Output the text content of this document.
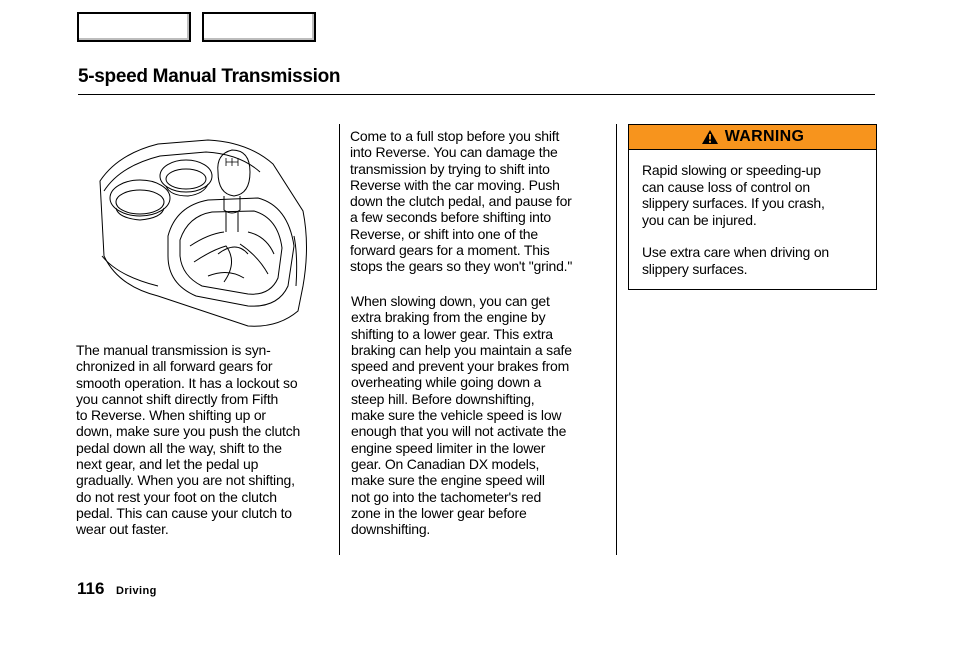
5-speed Manual Transmission
The manual transmission is syn-
chronized in all forward gears for
smooth operation. It has a lockout so
you cannot shift directly from Fifth
to Reverse. When shifting up or
down, make sure you push the clutch
pedal down all the way, shift to the
next gear, and let the pedal up
gradually. When you are not shifting,
do not rest your foot on the clutch
pedal. This can cause your clutch to
wear out faster.
Come to a full stop before you shift
into Reverse. You can damage the
transmission by trying to shift into
Reverse with the car moving. Push
down the clutch pedal, and pause for
a few seconds before shifting into
Reverse, or shift into one of the
forward gears for a moment. This
stops the gears so they won't "grind."
When slowing down, you can get
extra braking from the engine by
shifting to a lower gear. This extra
braking can help you maintain a safe
speed and prevent your brakes from
overheating while going down a
steep hill. Before downshifting,
make sure the vehicle speed is low
enough that you will not activate the
engine speed limiter in the lower
gear. On Canadian DX models,
make sure the engine speed will
not go into the tachometer's red
zone in the lower gear before
downshifting.
WARNING
Rapid slowing or speeding-up
can cause loss of control on
slippery surfaces. If you crash,
you can be injured.
Use extra care when driving on
slippery surfaces.
116 Driving
